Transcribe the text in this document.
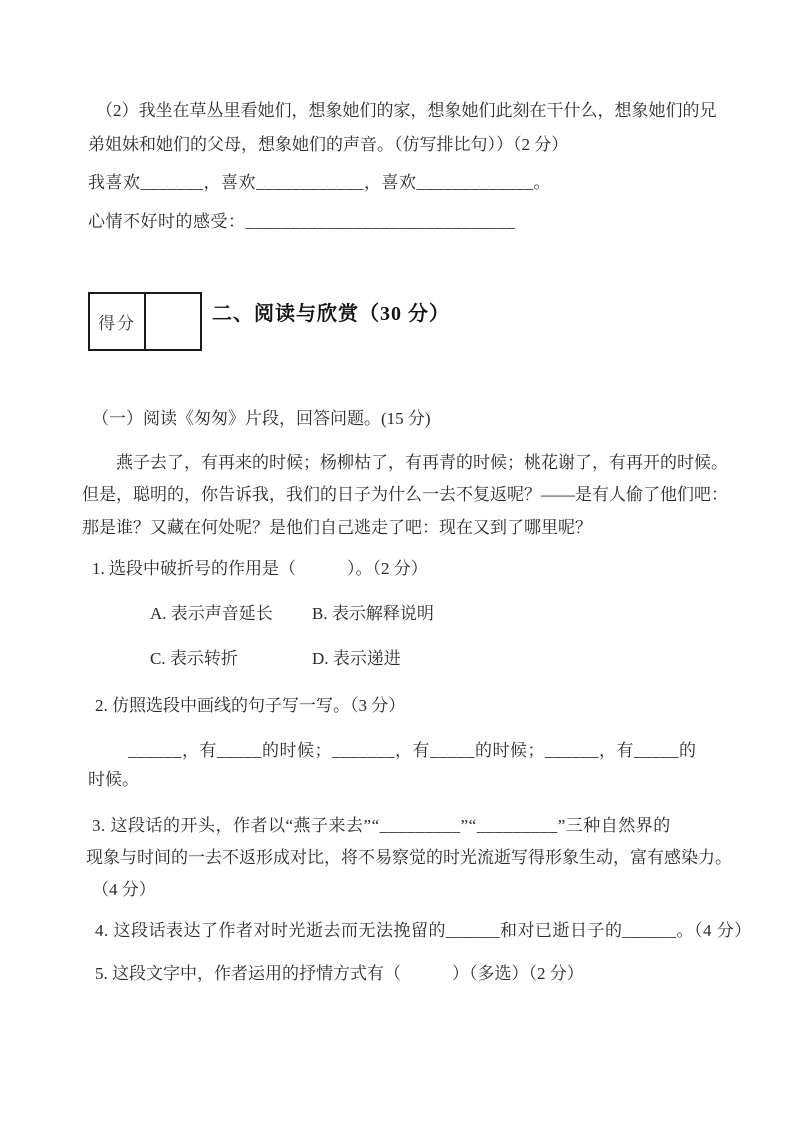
（2）我坐在草丛里看她们，想象她们的家，想象她们此刻在干什么，想象她们的兄

弟姐妹和她们的父母，想象她们的声音。（仿写排比句））（2 分）

我喜欢_______，喜欢____________，喜欢_____________。

心情不好时的感受：______________________________

得分	二、阅读与欣赏（30 分）

（一）阅读《匆匆》片段，回答问题。(15 分)

燕子去了，有再来的时候；杨柳枯了，有再青的时候；桃花谢了，有再开的时候。

但是，聪明的，你告诉我，我们的日子为什么一去不复返呢？——是有人偷了他们吧：

那是谁？又藏在何处呢？是他们自己逃走了吧：现在又到了哪里呢？

1. 选段中破折号的作用是（　　　）。（2 分）

A. 表示声音延长 B. 表示解释说明

C. 表示转折	D. 表示递进

2. 仿照选段中画线的句子写一写。（3 分）

______，有_____的时候；_______，有_____的时候；______，有_____的

时候。

3. 这段话的开头，作者以“燕子来去”“_________”“_________”三种自然界的

现象与时间的一去不返形成对比，将不易察觉的时光流逝写得形象生动，富有感染力。

（4 分）

4. 这段话表达了作者对时光逝去而无法挽留的______和对已逝日子的______。（4 分）

5. 这段文字中，作者运用的抒情方式有（　　　）（多选）（2 分）
